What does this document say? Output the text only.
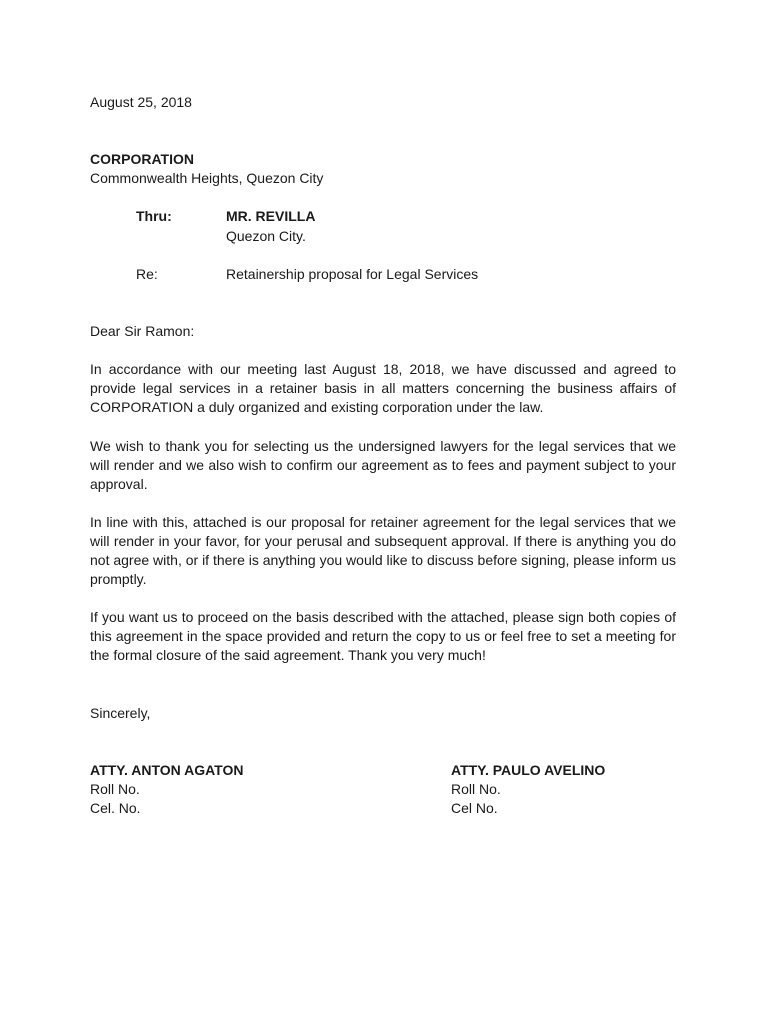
August 25, 2018
CORPORATION
Commonwealth Heights, Quezon City
Thru:	MR. REVILLA
Quezon City.
Re:	Retainership proposal for Legal Services
Dear Sir Ramon:
In accordance with our meeting last August 18, 2018, we have discussed and agreed to provide legal services in a retainer basis in all matters concerning the business affairs of CORPORATION a duly organized and existing corporation under the law.
We wish to thank you for selecting us the undersigned lawyers for the legal services that we will render and we also wish to confirm our agreement as to fees and payment subject to your approval.
In line with this, attached is our proposal for retainer agreement for the legal services that we will render in your favor, for your perusal and subsequent approval. If there is anything you do not agree with, or if there is anything you would like to discuss before signing, please inform us promptly.
If you want us to proceed on the basis described with the attached, please sign both copies of this agreement in the space provided and return the copy to us or feel free to set a meeting for the formal closure of the said agreement. Thank you very much!
Sincerely,
ATTY. ANTON AGATON
Roll No.
Cel. No.
ATTY. PAULO AVELINO
Roll No.
Cel No.
